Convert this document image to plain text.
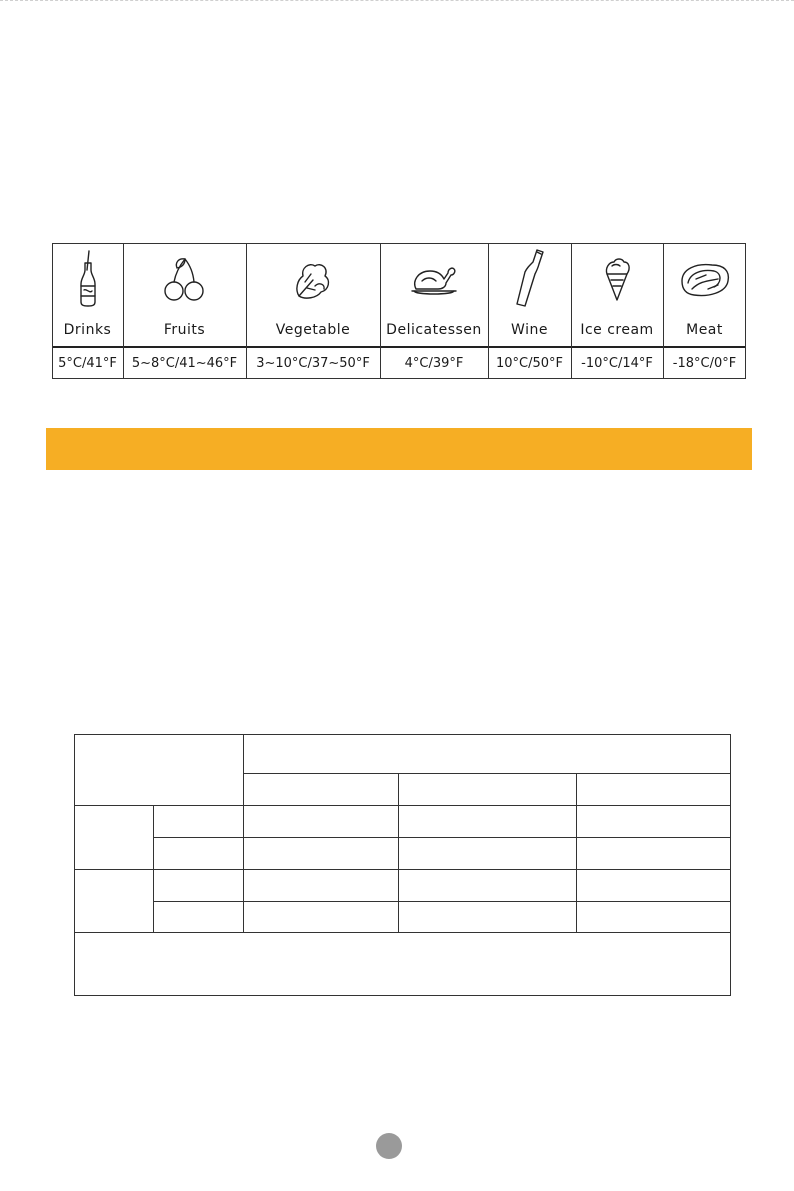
Drinks
5°C/41°F
Fruits
5~8°C/41~46°F
Vegetable
3~10°C/37~50°F
Delicatessen
4°C/39°F
Wine
10°C/50°F
Ice cream
-10°C/14°F
Meat
-18°C/0°F
